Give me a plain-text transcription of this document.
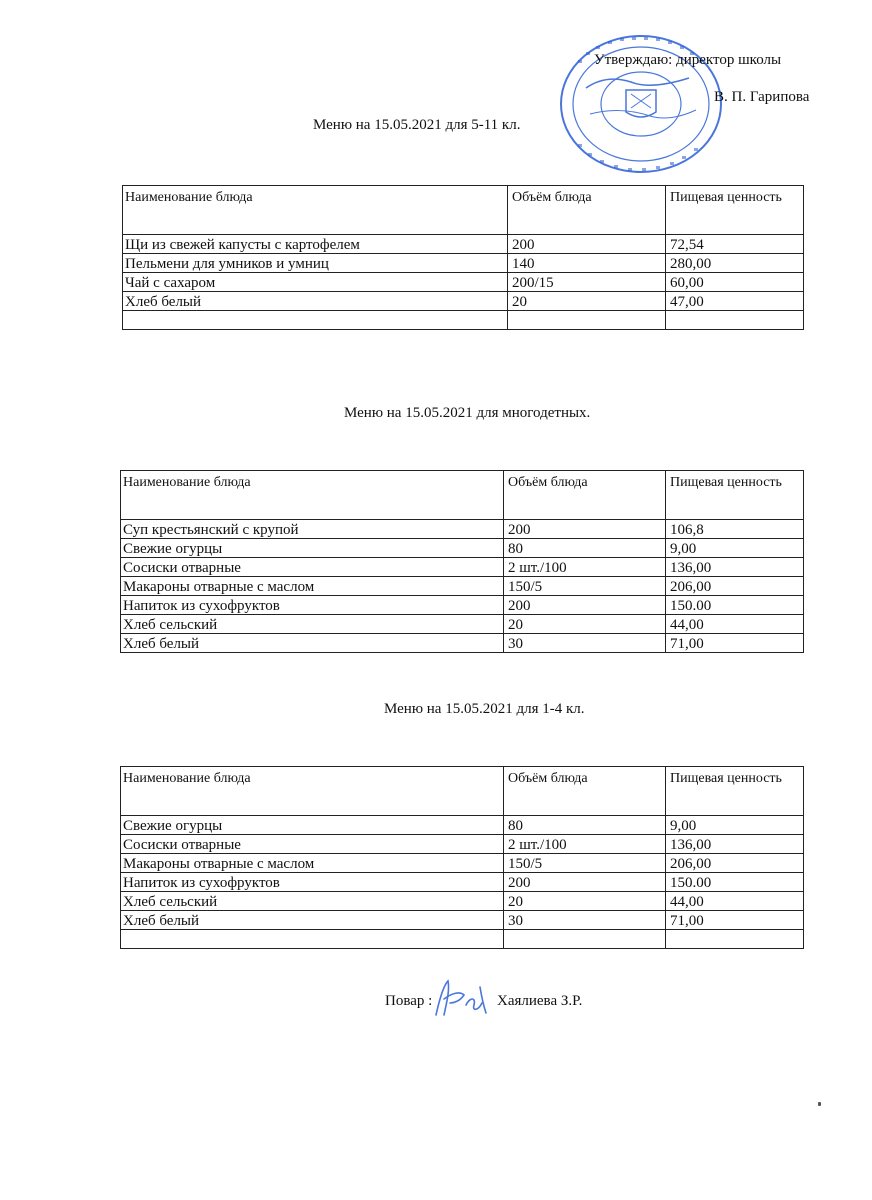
Утверждаю: директор школы
В. П. Гарипова
Меню на 15.05.2021 для 5-11 кл.
Наименование блюда	Объём блюда	Пищевая ценность
Щи из свежей капусты с картофелем	200	72,54
Пельмени для умников и умниц	140	280,00
Чай с сахаром	200/15	60,00
Хлеб белый	20	47,00

Меню на 15.05.2021 для многодетных.
Наименование блюда	Объём блюда	Пищевая ценность
Суп крестьянский с крупой	200	106,8
Свежие огурцы	80	9,00
Сосиски отварные	2 шт./100	136,00
Макароны отварные с маслом	150/5	206,00
Напиток из сухофруктов	200	150.00
Хлеб сельский	20	44,00
Хлеб белый	30	71,00
Меню на 15.05.2021 для 1-4 кл.
Наименование блюда	Объём блюда	Пищевая ценность
Свежие огурцы	80	9,00
Сосиски отварные	2 шт./100	136,00
Макароны отварные с маслом	150/5	206,00
Напиток из сухофруктов	200	150.00
Хлеб сельский	20	44,00
Хлеб белый	30	71,00

Повар :	Хаялиева З.Р.
